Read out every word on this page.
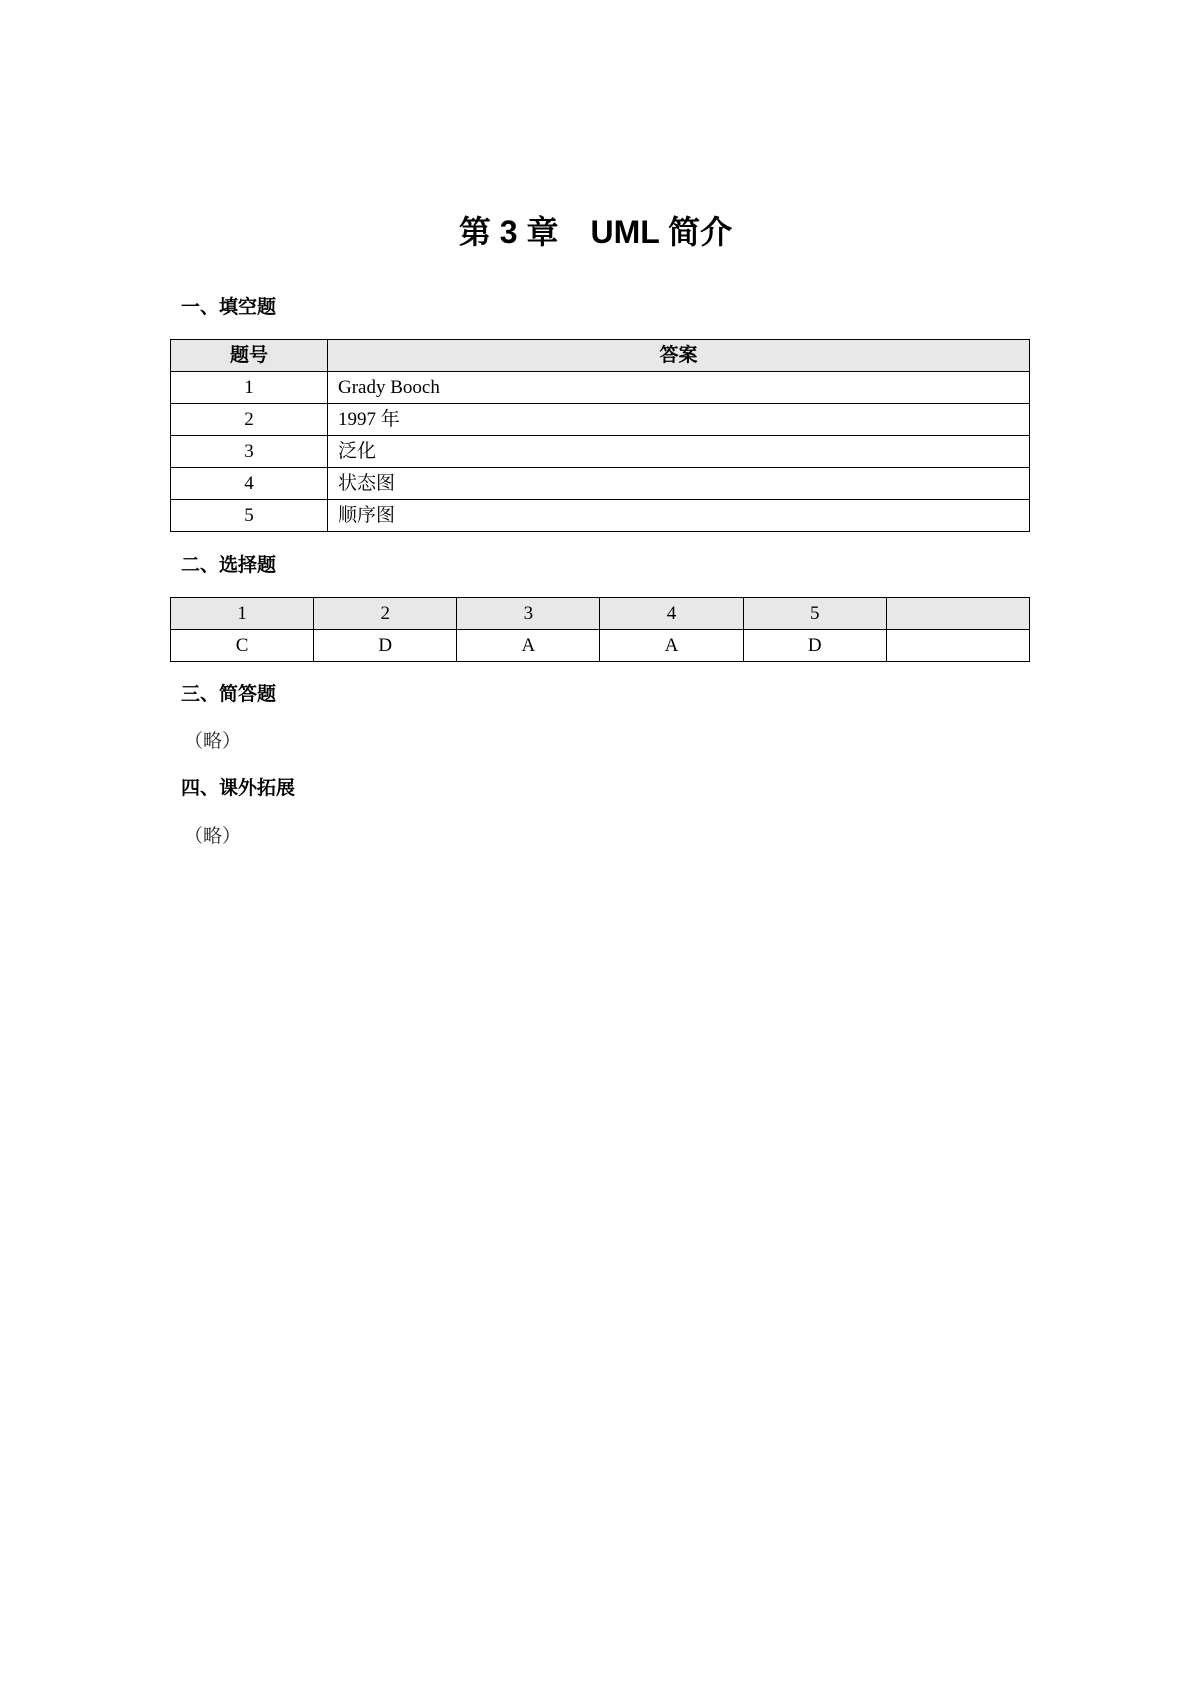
第 3 章　UML 简介
一、填空题
题号	答案
1	Grady Booch
2	1997 年
3	泛化
4	状态图
5	顺序图
二、选择题
1	2	3	4	5	
C	D	A	A	D	
三、简答题

（略）

四、课外拓展

（略）
